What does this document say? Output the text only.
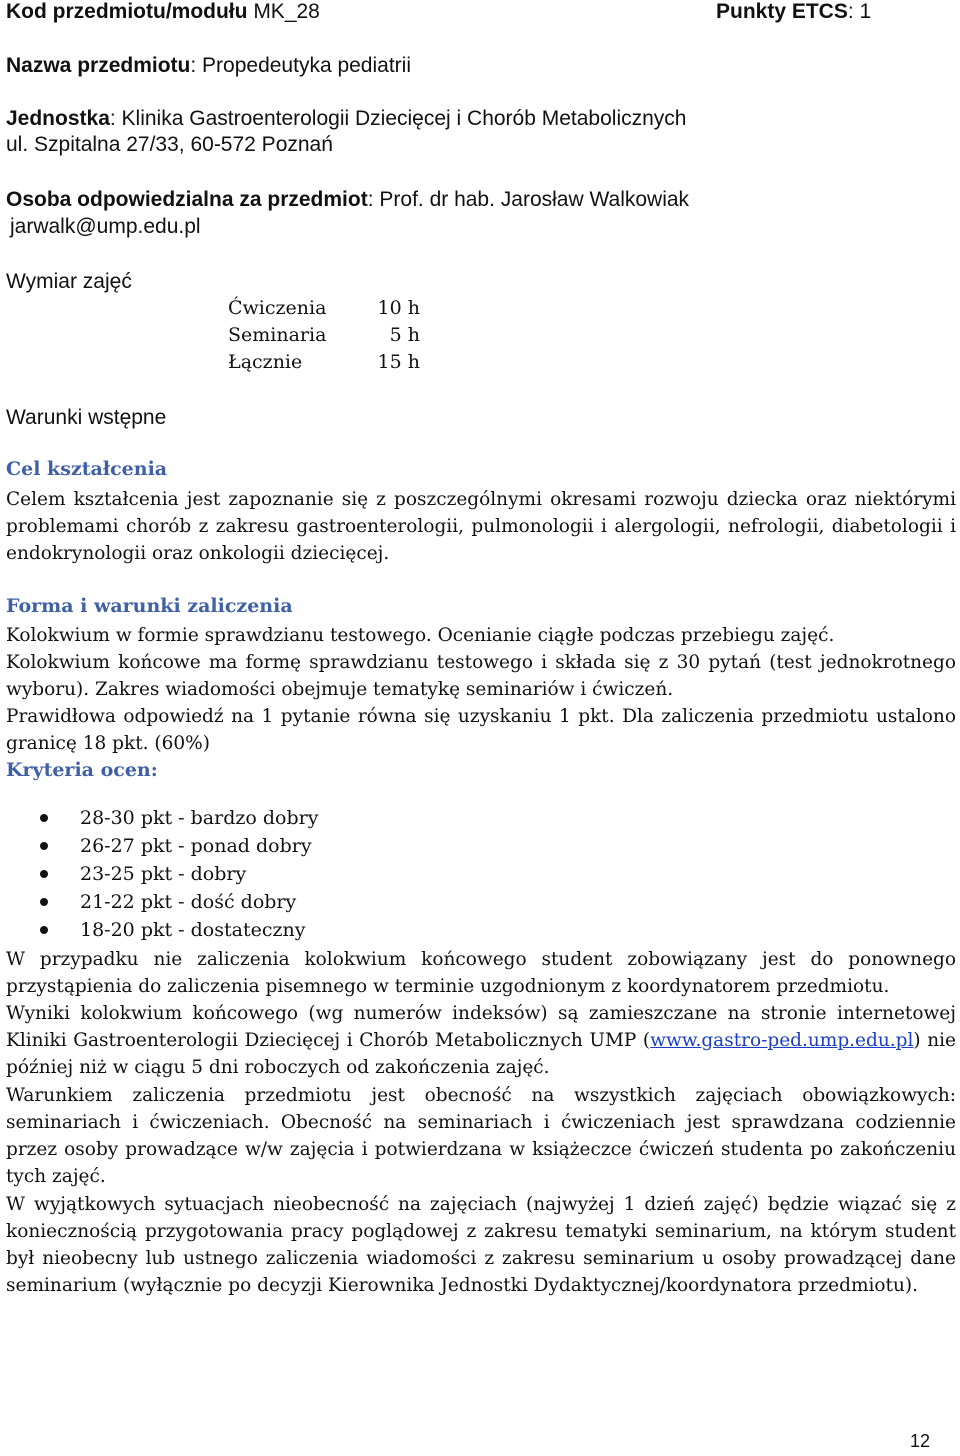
Kod przedmiotu/modułu MK_28	Punkty ETCS: 1
Nazwa przedmiotu: Propedeutyka pediatrii
Jednostka: Klinika Gastroenterologii Dziecięcej i Chorób Metabolicznych
ul. Szpitalna 27/33, 60-572 Poznań
Osoba odpowiedzialna za przedmiot: Prof. dr hab. Jarosław Walkowiak
jarwalk@ump.edu.pl
Wymiar zajęć
Ćwiczenia	10 h
Seminaria	5 h
Łącznie	15 h
Warunki wstępne
Cel kształcenia

Celem kształcenia jest zapoznanie się z poszczególnymi okresami rozwoju dziecka oraz niektórymi problemami chorób z zakresu gastroenterologii, pulmonologii i alergologii, nefrologii, diabetologii i endokrynologii oraz onkologii dziecięcej.

Forma i warunki zaliczenia

Kolokwium w formie sprawdzianu testowego. Ocenianie ciągłe podczas przebiegu zajęć.

Kolokwium końcowe ma formę sprawdzianu testowego i składa się z 30 pytań (test jednokrotnego wyboru). Zakres wiadomości obejmuje tematykę seminariów i ćwiczeń.

Prawidłowa odpowiedź na 1 pytanie równa się uzyskaniu 1 pkt. Dla zaliczenia przedmiotu ustalono granicę 18 pkt. (60%)

Kryteria ocen:
28-30 pkt - bardzo dobry
26-27 pkt - ponad dobry
23-25 pkt - dobry
21-22 pkt - dość dobry
18-20 pkt - dostateczny

W przypadku nie zaliczenia kolokwium końcowego student zobowiązany jest do ponownego przystąpienia do zaliczenia pisemnego w terminie uzgodnionym z koordynatorem przedmiotu.

Wyniki kolokwium końcowego (wg numerów indeksów) są zamieszczane na stronie internetowej Kliniki Gastroenterologii Dziecięcej i Chorób Metabolicznych UMP (www.gastro-ped.ump.edu.pl) nie później niż w ciągu 5 dni roboczych od zakończenia zajęć.

Warunkiem zaliczenia przedmiotu jest obecność na wszystkich zajęciach obowiązkowych: seminariach i ćwiczeniach. Obecność na seminariach i ćwiczeniach jest sprawdzana codziennie przez osoby prowadzące w/w zajęcia i potwierdzana w książeczce ćwiczeń studenta po zakończeniu tych zajęć.

W wyjątkowych sytuacjach nieobecność na zajęciach (najwyżej 1 dzień zajęć) będzie wiązać się z koniecznością przygotowania pracy poglądowej z zakresu tematyki seminarium, na którym student był nieobecny lub ustnego zaliczenia wiadomości z zakresu seminarium u osoby prowadzącej dane seminarium (wyłącznie po decyzji Kierownika Jednostki Dydaktycznej/koordynatora przedmiotu).

12
